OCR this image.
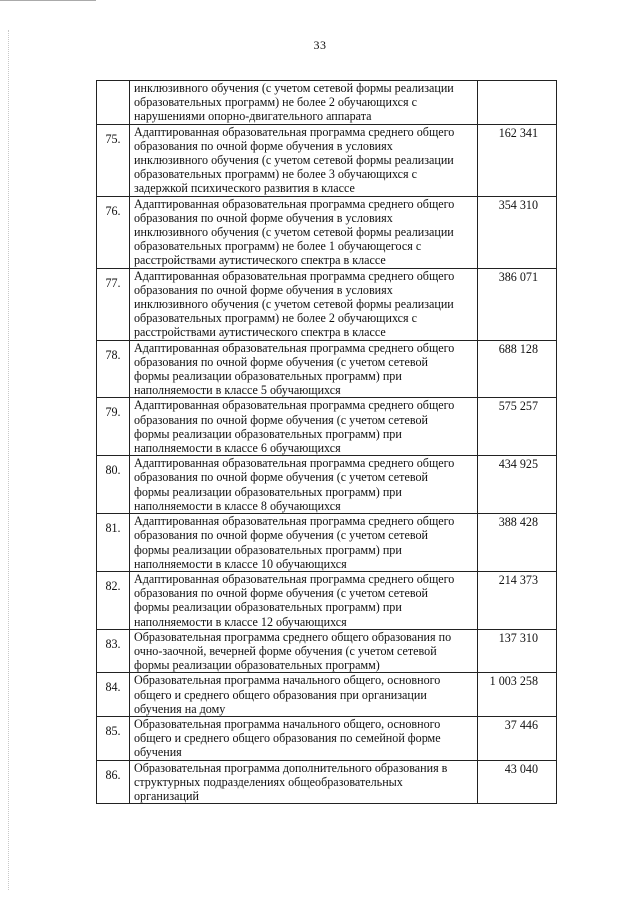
33

	инклюзивного обучения (с учетом сетевой формы реализации
образовательных программ) не более 2 обучающихся с
нарушениями опорно-двигательного аппарата	

75.	Адаптированная образовательная программа среднего общего
образования по очной форме обучения в условиях
инклюзивного обучения (с учетом сетевой формы реализации
образовательных программ) не более 3 обучающихся с
задержкой психического развития в классе	162 341
76.	Адаптированная образовательная программа среднего общего
образования по очной форме обучения в условиях
инклюзивного обучения (с учетом сетевой формы реализации
образовательных программ) не более 1 обучающегося с
расстройствами аутистического спектра в классе	354 310
77.	Адаптированная образовательная программа среднего общего
образования по очной форме обучения в условиях
инклюзивного обучения (с учетом сетевой формы реализации
образовательных программ) не более 2 обучающихся с
расстройствами аутистического спектра в классе	386 071
78.	Адаптированная образовательная программа среднего общего
образования по очной форме обучения (с учетом сетевой
формы реализации образовательных программ) при
наполняемости в классе 5 обучающихся	688 128
79.	Адаптированная образовательная программа среднего общего
образования по очной форме обучения (с учетом сетевой
формы реализации образовательных программ) при
наполняемости в классе 6 обучающихся	575 257
80.	Адаптированная образовательная программа среднего общего
образования по очной форме обучения (с учетом сетевой
формы реализации образовательных программ) при
наполняемости в классе 8 обучающихся	434 925
81.	Адаптированная образовательная программа среднего общего
образования по очной форме обучения (с учетом сетевой
формы реализации образовательных программ) при
наполняемости в классе 10 обучающихся	388 428
82.	Адаптированная образовательная программа среднего общего
образования по очной форме обучения (с учетом сетевой
формы реализации образовательных программ) при
наполняемости в классе 12 обучающихся	214 373
83.	Образовательная программа среднего общего образования по
очно-заочной, вечерней форме обучения (с учетом сетевой
формы реализации образовательных программ)	137 310
84.	Образовательная программа начального общего, основного
общего и среднего общего образования при организации
обучения на дому	1 003 258
85.	Образовательная программа начального общего, основного
общего и среднего общего образования по семейной форме
обучения	37 446
86.	Образовательная программа дополнительного образования в
структурных подразделениях общеобразовательных
организаций	43 040
